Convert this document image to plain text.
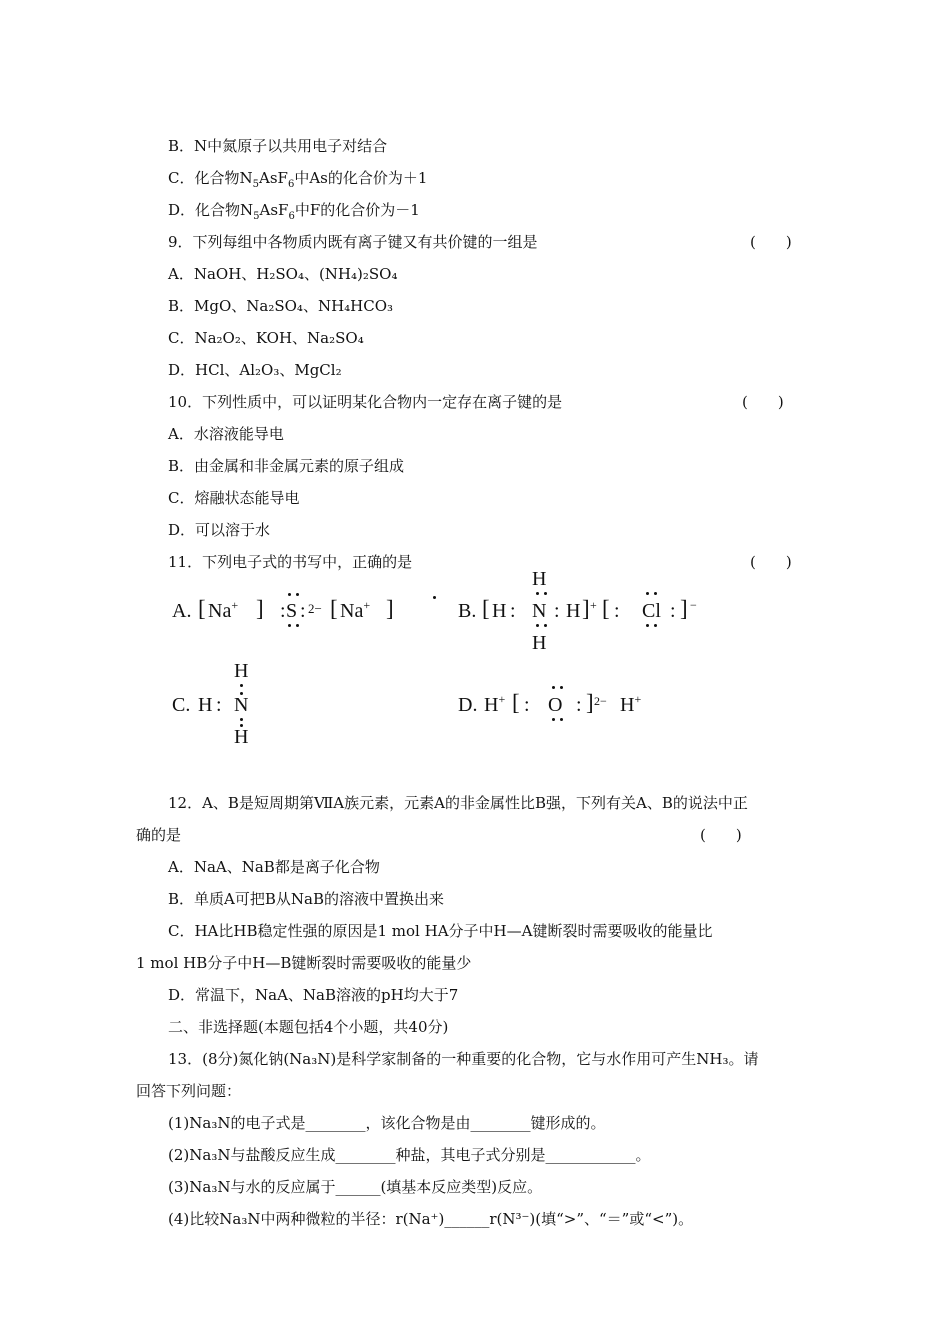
B．N中氮原子以共用电子对结合
C．化合物$N_5AsF_6$中As的化合价为＋1
D．化合物$N_5AsF_6$中F的化合价为－1
9．下列每组中各物质内既有离子键又有共价键的一组是	(　　)
A．NaOH、H₂SO₄、(NH₄)₂SO₄
B．MgO、Na₂SO₄、NH₄HCO₃
C．Na₂O₂、KOH、Na₂SO₄
D．HCl、Al₂O₃、MgCl₂
10．下列性质中，可以证明某化合物内一定存在离子键的是	(　　)
A．水溶液能导电
B．由金属和非金属元素的原子组成
C．熔融状态能导电
D．可以溶于水
11．下列电子式的书写中，正确的是	(　　)
A. [ Na+ ] : S : 2− [ Na+ ]
H
B. [ H : N : H ] + [ : Cl : ] −
H
H
C. H : N
H
D. H+ [ : O : ] 2− H+
12．A、B是短周期第ⅦA族元素，元素A的非金属性比B强，下列有关A、B的说法中正
确的是	(　　)
A．NaA、NaB都是离子化合物
B．单质A可把B从NaB的溶液中置换出来
C．HA比HB稳定性强的原因是1 mol HA分子中H—A键断裂时需要吸收的能量比
1 mol HB分子中H—B键断裂时需要吸收的能量少
D．常温下，NaA、NaB溶液的pH均大于7
二、非选择题(本题包括4个小题，共40分)
13．(8分)氮化钠(Na₃N)是科学家制备的一种重要的化合物，它与水作用可产生NH₃。请
回答下列问题：
(1)Na₃N的电子式是________，该化合物是由________键形成的。
(2)Na₃N与盐酸反应生成________种盐，其电子式分别是____________。
(3)Na₃N与水的反应属于______(填基本反应类型)反应。
(4)比较Na₃N中两种微粒的半径：r(Na⁺)______r(N³⁻)(填“>”、“＝”或“<”)。
